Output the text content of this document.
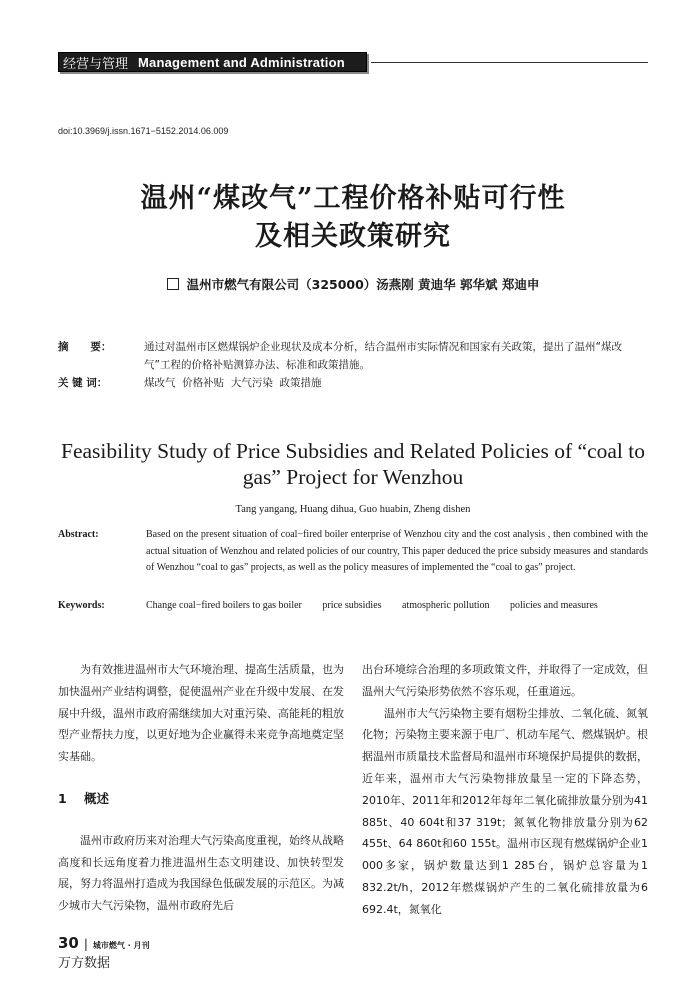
经营与管理 Management and Administration
doi:10.3969/j.issn.1671−5152.2014.06.009
温州“煤改气”工程价格补贴可行性
及相关政策研究
温州市燃气有限公司（325000）汤燕刚 黄迪华 郭华斌 郑迪申
摘      要：	通过对温州市区燃煤锅炉企业现状及成本分析，结合温州市实际情况和国家有关政策，提出了温州“煤改气”工程的价格补贴测算办法、标准和政策措施。
关 键 词：	煤改气  价格补贴  大气污染  政策措施
Feasibility Study of Price Subsidies and Related Policies of “coal to gas” Project for Wenzhou
Tang yangang, Huang dihua, Guo huabin, Zheng dishen
Abstract:	Based on the present situation of coal−fired boiler enterprise of Wenzhou city and the cost analysis , then combined with the actual situation of Wenzhou and related policies of our country, This paper deduced the price subsidy measures and standards of Wenzhou “coal to gas” projects, as well as the policy measures of implemented the “coal to gas” project.
Keywords:	Change coal−fired boilers to gas boiler price subsidies atmospheric pollution policies and measures

为有效推进温州市大气环境治理、提高生活质量，也为加快温州产业结构调整，促使温州产业在升级中发展、在发展中升级，温州市政府需继续加大对重污染、高能耗的粗放型产业帮扶力度，以更好地为企业赢得未来竞争高地奠定坚实基础。

1 概述

温州市政府历来对治理大气污染高度重视，始终从战略高度和长远角度着力推进温州生态文明建设、加快转型发展，努力将温州打造成为我国绿色低碳发展的示范区。为减少城市大气污染物，温州市政府先后

出台环境综合治理的多项政策文件，并取得了一定成效，但温州大气污染形势依然不容乐观，任重道远。

温州市大气污染物主要有烟粉尘排放、二氧化硫、氮氧化物；污染物主要来源于电厂、机动车尾气、燃煤锅炉。根据温州市质量技术监督局和温州市环境保护局提供的数据，近年来，温州市大气污染物排放量呈一定的下降态势，2010年、2011年和2012年每年二氧化硫排放量分别为41 885t、40 604t和37 319t；氮氧化物排放量分别为62 455t、64 860t和60 155t。温州市区现有燃煤锅炉企业1 000多家，锅炉数量达到1 285台，锅炉总容量为1 832.2t/h，2012年燃煤锅炉产生的二氧化硫排放量为6 692.4t，氮氧化

30 | 城市燃气 · 月刊
万方数据
